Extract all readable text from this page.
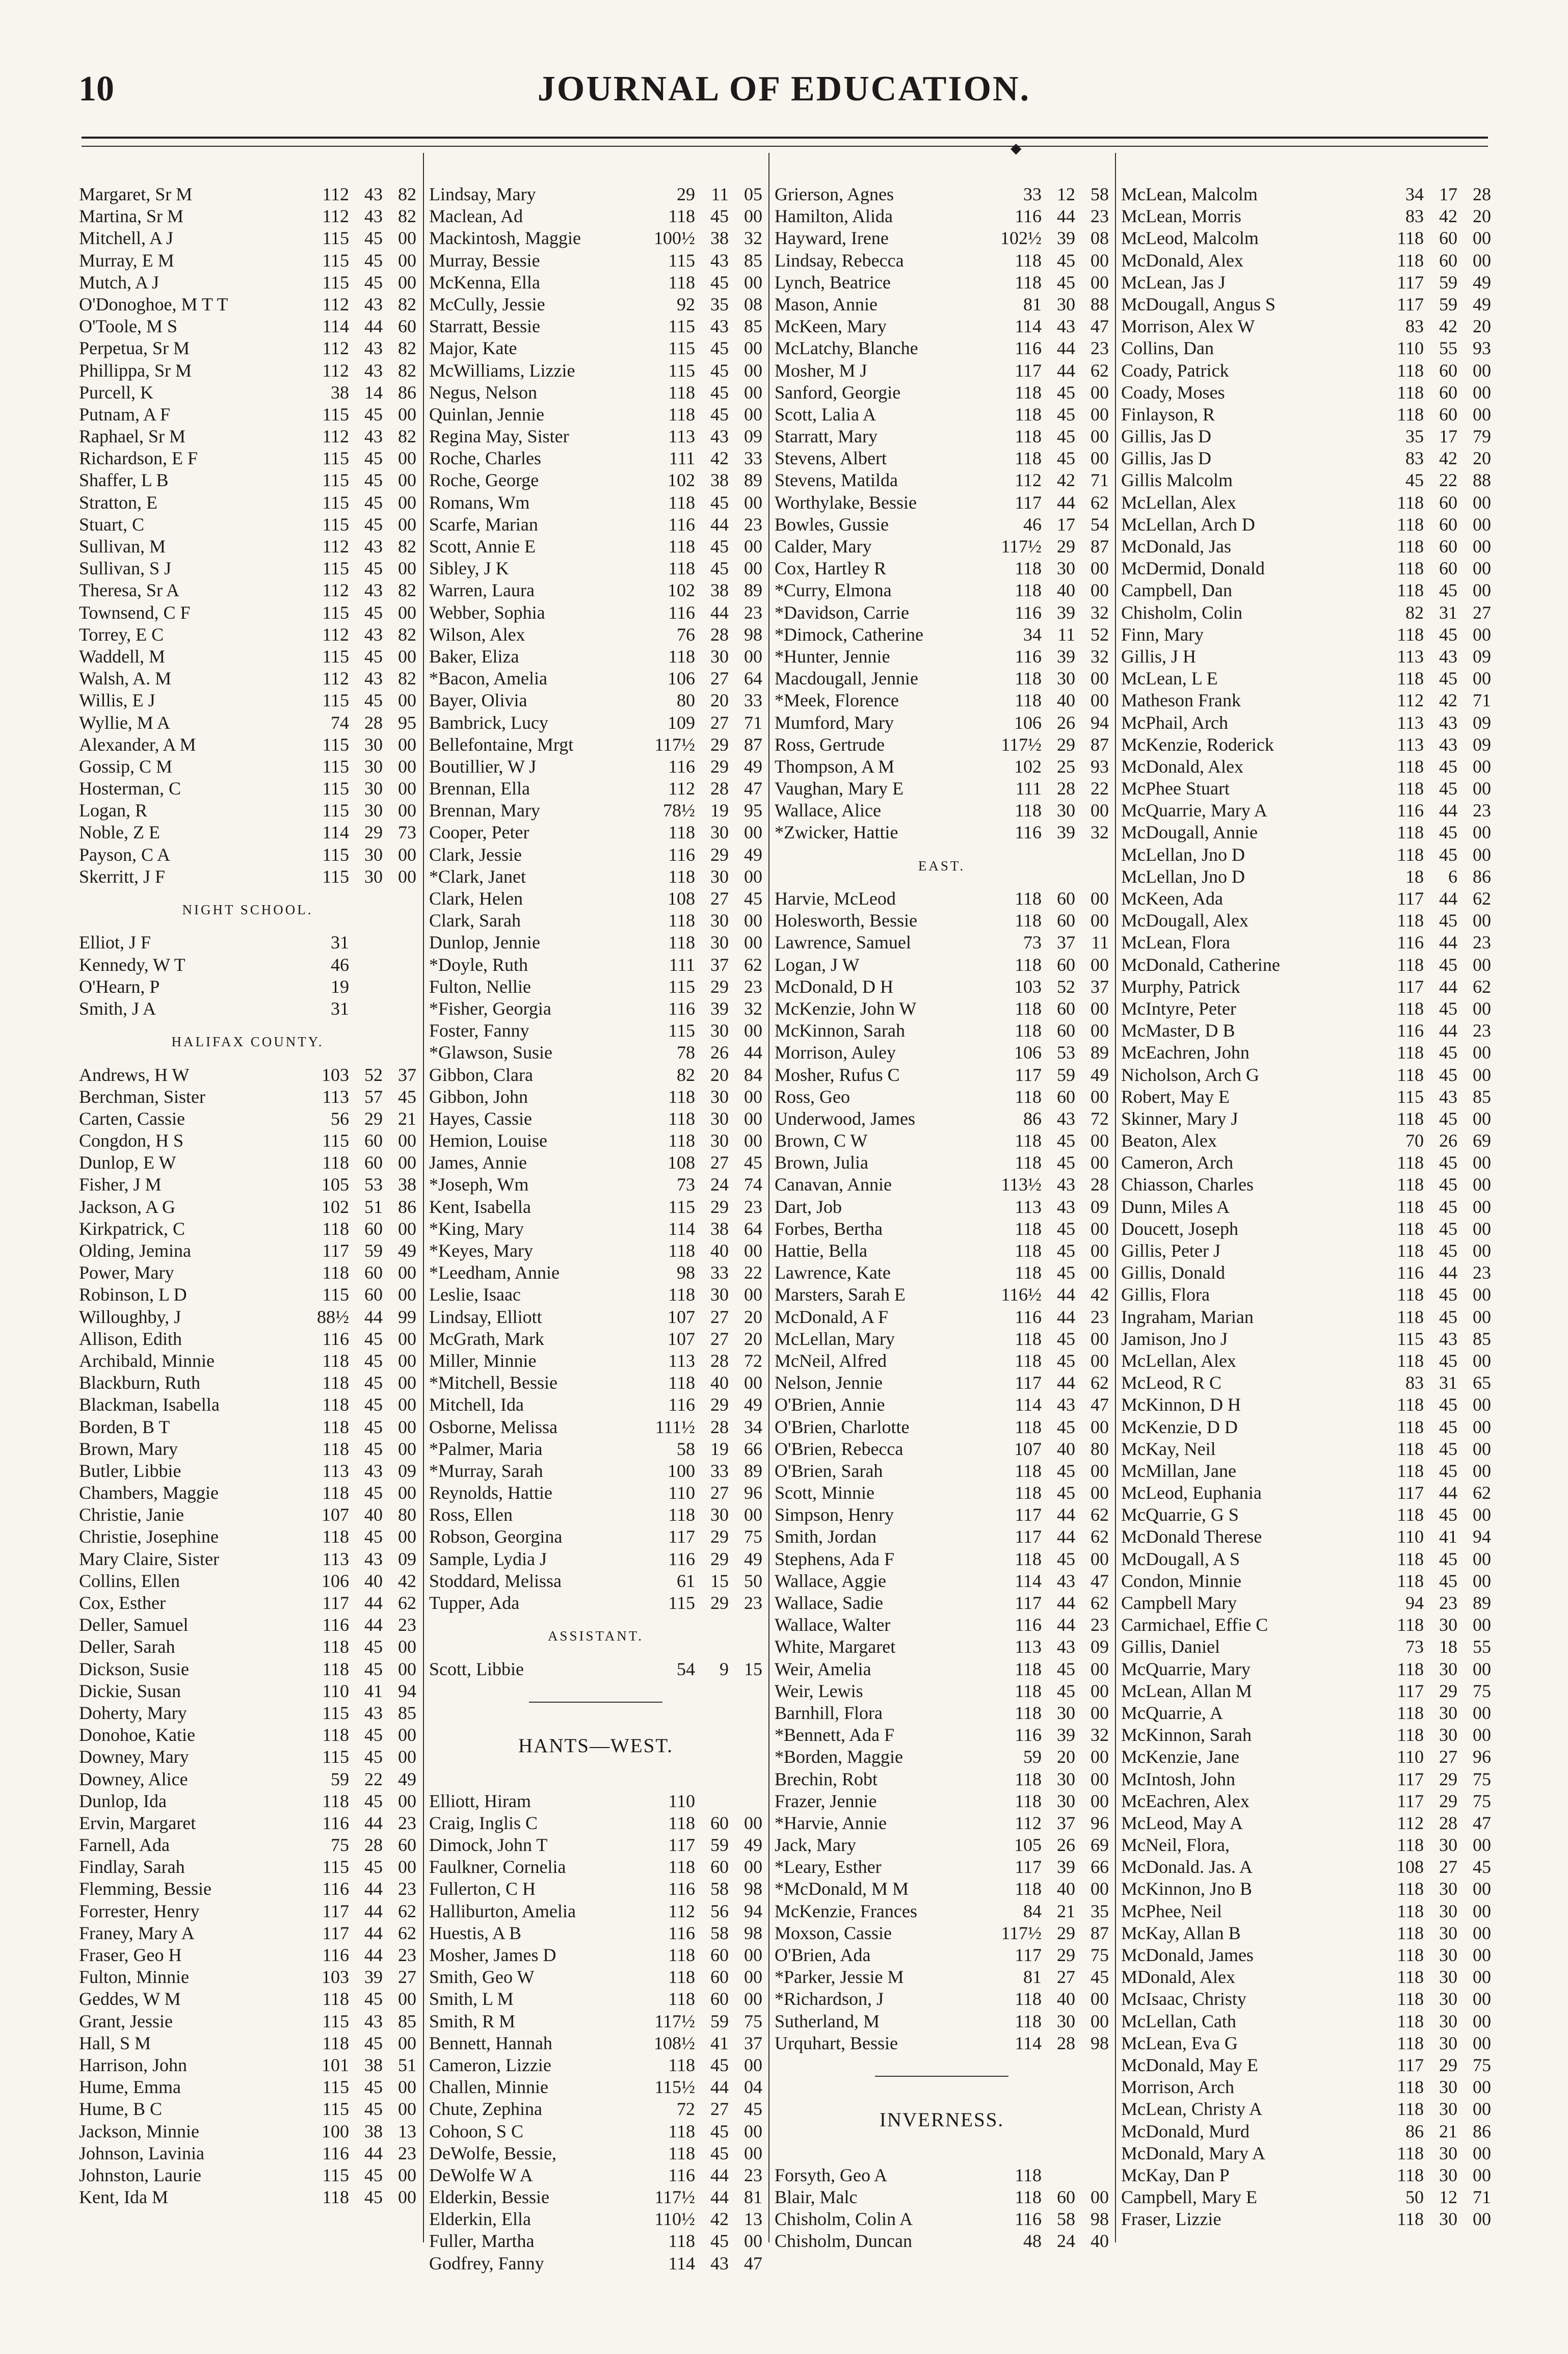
10	JOURNAL OF EDUCATION.
◆
Margaret, Sr M	112 43 82
Martina, Sr M	112 43 82
Mitchell, A J	115 45 00
Murray, E M	115 45 00
Mutch, A J	115 45 00
O'Donoghoe, M T T	112 43 82
O'Toole, M S	114 44 60
Perpetua, Sr M	112 43 82
Phillippa, Sr M	112 43 82
Purcell, K	38 14 86
Putnam, A F	115 45 00
Raphael, Sr M	112 43 82
Richardson, E F	115 45 00
Shaffer, L B	115 45 00
Stratton, E	115 45 00
Stuart, C	115 45 00
Sullivan, M	112 43 82
Sullivan, S J	115 45 00
Theresa, Sr A	112 43 82
Townsend, C F	115 45 00
Torrey, E C	112 43 82
Waddell, M	115 45 00
Walsh, A. M	112 43 82
Willis, E J	115 45 00
Wyllie, M A	74 28 95
Alexander, A M	115 30 00
Gossip, C M	115 30 00
Hosterman, C	115 30 00
Logan, R	115 30 00
Noble, Z E	114 29 73
Payson, C A	115 30 00
Skerritt, J F	115 30 00
NIGHT SCHOOL.
Elliot, J F	31
Kennedy, W T	46
O'Hearn, P	19
Smith, J A	31
HALIFAX COUNTY.
Andrews, H W	103 52 37
Berchman, Sister	113 57 45
Carten, Cassie	56 29 21
Congdon, H S	115 60 00
Dunlop, E W	118 60 00
Fisher, J M	105 53 38
Jackson, A G	102 51 86
Kirkpatrick, C	118 60 00
Olding, Jemina	117 59 49
Power, Mary	118 60 00
Robinson, L D	115 60 00
Willoughby, J	88½ 44 99
Allison, Edith	116 45 00
Archibald, Minnie	118 45 00
Blackburn, Ruth	118 45 00
Blackman, Isabella	118 45 00
Borden, B T	118 45 00
Brown, Mary	118 45 00
Butler, Libbie	113 43 09
Chambers, Maggie	118 45 00
Christie, Janie	107 40 80
Christie, Josephine	118 45 00
Mary Claire, Sister	113 43 09
Collins, Ellen	106 40 42
Cox, Esther	117 44 62
Deller, Samuel	116 44 23
Deller, Sarah	118 45 00
Dickson, Susie	118 45 00
Dickie, Susan	110 41 94
Doherty, Mary	115 43 85
Donohoe, Katie	118 45 00
Downey, Mary	115 45 00
Downey, Alice	59 22 49
Dunlop, Ida	118 45 00
Ervin, Margaret	116 44 23
Farnell, Ada	75 28 60
Findlay, Sarah	115 45 00
Flemming, Bessie	116 44 23
Forrester, Henry	117 44 62
Franey, Mary A	117 44 62
Fraser, Geo H	116 44 23
Fulton, Minnie	103 39 27
Geddes, W M	118 45 00
Grant, Jessie	115 43 85
Hall, S M	118 45 00
Harrison, John	101 38 51
Hume, Emma	115 45 00
Hume, B C	115 45 00
Jackson, Minnie	100 38 13
Johnson, Lavinia	116 44 23
Johnston, Laurie	115 45 00
Kent, Ida M	118 45 00
Lindsay, Mary	29 11 05
Maclean, Ad	118 45 00
Mackintosh, Maggie	100½ 38 32
Murray, Bessie	115 43 85
McKenna, Ella	118 45 00
McCully, Jessie	92 35 08
Starratt, Bessie	115 43 85
Major, Kate	115 45 00
McWilliams, Lizzie	115 45 00
Negus, Nelson	118 45 00
Quinlan, Jennie	118 45 00
Regina May, Sister	113 43 09
Roche, Charles	111 42 33
Roche, George	102 38 89
Romans, Wm	118 45 00
Scarfe, Marian	116 44 23
Scott, Annie E	118 45 00
Sibley, J K	118 45 00
Warren, Laura	102 38 89
Webber, Sophia	116 44 23
Wilson, Alex	76 28 98
Baker, Eliza	118 30 00
*Bacon, Amelia	106 27 64
Bayer, Olivia	80 20 33
Bambrick, Lucy	109 27 71
Bellefontaine, Mrgt	117½ 29 87
Boutillier, W J	116 29 49
Brennan, Ella	112 28 47
Brennan, Mary	78½ 19 95
Cooper, Peter	118 30 00
Clark, Jessie	116 29 49
*Clark, Janet	118 30 00
Clark, Helen	108 27 45
Clark, Sarah	118 30 00
Dunlop, Jennie	118 30 00
*Doyle, Ruth	111 37 62
Fulton, Nellie	115 29 23
*Fisher, Georgia	116 39 32
Foster, Fanny	115 30 00
*Glawson, Susie	78 26 44
Gibbon, Clara	82 20 84
Gibbon, John	118 30 00
Hayes, Cassie	118 30 00
Hemion, Louise	118 30 00
James, Annie	108 27 45
*Joseph, Wm	73 24 74
Kent, Isabella	115 29 23
*King, Mary	114 38 64
*Keyes, Mary	118 40 00
*Leedham, Annie	98 33 22
Leslie, Isaac	118 30 00
Lindsay, Elliott	107 27 20
McGrath, Mark	107 27 20
Miller, Minnie	113 28 72
*Mitchell, Bessie	118 40 00
Mitchell, Ida	116 29 49
Osborne, Melissa	111½ 28 34
*Palmer, Maria	58 19 66
*Murray, Sarah	100 33 89
Reynolds, Hattie	110 27 96
Ross, Ellen	118 30 00
Robson, Georgina	117 29 75
Sample, Lydia J	116 29 49
Stoddard, Melissa	61 15 50
Tupper, Ada	115 29 23
ASSISTANT.
Scott, Libbie	54	9 15
HANTS—WEST.
Elliott, Hiram	110
Craig, Inglis C	118 60 00
Dimock, John T	117 59 49
Faulkner, Cornelia	118 60 00
Fullerton, C H	116 58 98
Halliburton, Amelia	112 56 94
Huestis, A B	116 58 98
Mosher, James D	118 60 00
Smith, Geo W	118 60 00
Smith, L M	118 60 00
Smith, R M	117½ 59 75
Bennett, Hannah	108½ 41 37
Cameron, Lizzie	118 45 00
Challen, Minnie	115½ 44 04
Chute, Zephina	72 27 45
Cohoon, S C	118 45 00
DeWolfe, Bessie,	118 45 00
DeWolfe W A	116 44 23
Elderkin, Bessie	117½ 44 81
Elderkin, Ella	110½ 42 13
Fuller, Martha	118 45 00
Godfrey, Fanny	114 43 47
Grierson, Agnes	33 12 58
Hamilton, Alida	116 44 23
Hayward, Irene	102½ 39 08
Lindsay, Rebecca	118 45 00
Lynch, Beatrice	118 45 00
Mason, Annie	81 30 88
McKeen, Mary	114 43 47
McLatchy, Blanche	116 44 23
Mosher, M J	117 44 62
Sanford, Georgie	118 45 00
Scott, Lalia A	118 45 00
Starratt, Mary	118 45 00
Stevens, Albert	118 45 00
Stevens, Matilda	112 42 71
Worthylake, Bessie	117 44 62
Bowles, Gussie	46 17 54
Calder, Mary	117½ 29 87
Cox, Hartley R	118 30 00
*Curry, Elmona	118 40 00
*Davidson, Carrie	116 39 32
*Dimock, Catherine	34 11 52
*Hunter, Jennie	116 39 32
Macdougall, Jennie	118 30 00
*Meek, Florence	118 40 00
Mumford, Mary	106 26 94
Ross, Gertrude	117½ 29 87
Thompson, A M	102 25 93
Vaughan, Mary E	111 28 22
Wallace, Alice	118 30 00
*Zwicker, Hattie	116 39 32
EAST.
Harvie, McLeod	118 60 00
Holesworth, Bessie	118 60 00
Lawrence, Samuel	73 37 11
Logan, J W	118 60 00
McDonald, D H	103 52 37
McKenzie, John W	118 60 00
McKinnon, Sarah	118 60 00
Morrison, Auley	106 53 89
Mosher, Rufus C	117 59 49
Ross, Geo	118 60 00
Underwood, James	86 43 72
Brown, C W	118 45 00
Brown, Julia	118 45 00
Canavan, Annie	113½ 43 28
Dart, Job	113 43 09
Forbes, Bertha	118 45 00
Hattie, Bella	118 45 00
Lawrence, Kate	118 45 00
Marsters, Sarah E	116½ 44 42
McDonald, A F	116 44 23
McLellan, Mary	118 45 00
McNeil, Alfred	118 45 00
Nelson, Jennie	117 44 62
O'Brien, Annie	114 43 47
O'Brien, Charlotte	118 45 00
O'Brien, Rebecca	107 40 80
O'Brien, Sarah	118 45 00
Scott, Minnie	118 45 00
Simpson, Henry	117 44 62
Smith, Jordan	117 44 62
Stephens, Ada F	118 45 00
Wallace, Aggie	114 43 47
Wallace, Sadie	117 44 62
Wallace, Walter	116 44 23
White, Margaret	113 43 09
Weir, Amelia	118 45 00
Weir, Lewis	118 45 00
Barnhill, Flora	118 30 00
*Bennett, Ada F	116 39 32
*Borden, Maggie	59 20 00
Brechin, Robt	118 30 00
Frazer, Jennie	118 30 00
*Harvie, Annie	112 37 96
Jack, Mary	105 26 69
*Leary, Esther	117 39 66
*McDonald, M M	118 40 00
McKenzie, Frances	84 21 35
Moxson, Cassie	117½ 29 87
O'Brien, Ada	117 29 75
*Parker, Jessie M	81 27 45
*Richardson, J	118 40 00
Sutherland, M	118 30 00
Urquhart, Bessie	114 28 98
INVERNESS.
Forsyth, Geo A	118
Blair, Malc	118 60 00
Chisholm, Colin A	116 58 98
Chisholm, Duncan	48 24 40
McLean, Malcolm	34 17 28
McLean, Morris	83 42 20
McLeod, Malcolm	118 60 00
McDonald, Alex	118 60 00
McLean, Jas J	117 59 49
McDougall, Angus S	117 59 49
Morrison, Alex W	83 42 20
Collins, Dan	110 55 93
Coady, Patrick	118 60 00
Coady, Moses	118 60 00
Finlayson, R	118 60 00
Gillis, Jas D	35 17 79
Gillis, Jas D	83 42 20
Gillis Malcolm	45 22 88
McLellan, Alex	118 60 00
McLellan, Arch D	118 60 00
McDonald, Jas	118 60 00
McDermid, Donald	118 60 00
Campbell, Dan	118 45 00
Chisholm, Colin	82 31 27
Finn, Mary	118 45 00
Gillis, J H	113 43 09
McLean, L E	118 45 00
Matheson Frank	112 42 71
McPhail, Arch	113 43 09
McKenzie, Roderick	113 43 09
McDonald, Alex	118 45 00
McPhee Stuart	118 45 00
McQuarrie, Mary A	116 44 23
McDougall, Annie	118 45 00
McLellan, Jno D	118 45 00
McLellan, Jno D	18	6 86
McKeen, Ada	117 44 62
McDougall, Alex	118 45 00
McLean, Flora	116 44 23
McDonald, Catherine	118 45 00
Murphy, Patrick	117 44 62
McIntyre, Peter	118 45 00
McMaster, D B	116 44 23
McEachren, John	118 45 00
Nicholson, Arch G	118 45 00
Robert, May E	115 43 85
Skinner, Mary J	118 45 00
Beaton, Alex	70 26 69
Cameron, Arch	118 45 00
Chiasson, Charles	118 45 00
Dunn, Miles A	118 45 00
Doucett, Joseph	118 45 00
Gillis, Peter J	118 45 00
Gillis, Donald	116 44 23
Gillis, Flora	118 45 00
Ingraham, Marian	118 45 00
Jamison, Jno J	115 43 85
McLellan, Alex	118 45 00
McLeod, R C	83 31 65
McKinnon, D H	118 45 00
McKenzie, D D	118 45 00
McKay, Neil	118 45 00
McMillan, Jane	118 45 00
McLeod, Euphania	117 44 62
McQuarrie, G S	118 45 00
McDonald Therese	110 41 94
McDougall, A S	118 45 00
Condon, Minnie	118 45 00
Campbell Mary	94 23 89
Carmichael, Effie C	118 30 00
Gillis, Daniel	73 18 55
McQuarrie, Mary	118 30 00
McLean, Allan M	117 29 75
McQuarrie, A	118 30 00
McKinnon, Sarah	118 30 00
McKenzie, Jane	110 27 96
McIntosh, John	117 29 75
McEachren, Alex	117 29 75
McLeod, May A	112 28 47
McNeil, Flora,	118 30 00
McDonald. Jas. A	108 27 45
McKinnon, Jno B	118 30 00
McPhee, Neil	118 30 00
McKay, Allan B	118 30 00
McDonald, James	118 30 00
MDonald, Alex	118 30 00
McIsaac, Christy	118 30 00
McLellan, Cath	118 30 00
McLean, Eva G	118 30 00
McDonald, May E	117 29 75
Morrison, Arch	118 30 00
McLean, Christy A	118 30 00
McDonald, Murd	86 21 86
McDonald, Mary A	118 30 00
McKay, Dan P	118 30 00
Campbell, Mary E	50 12 71
Fraser, Lizzie	118 30 00
